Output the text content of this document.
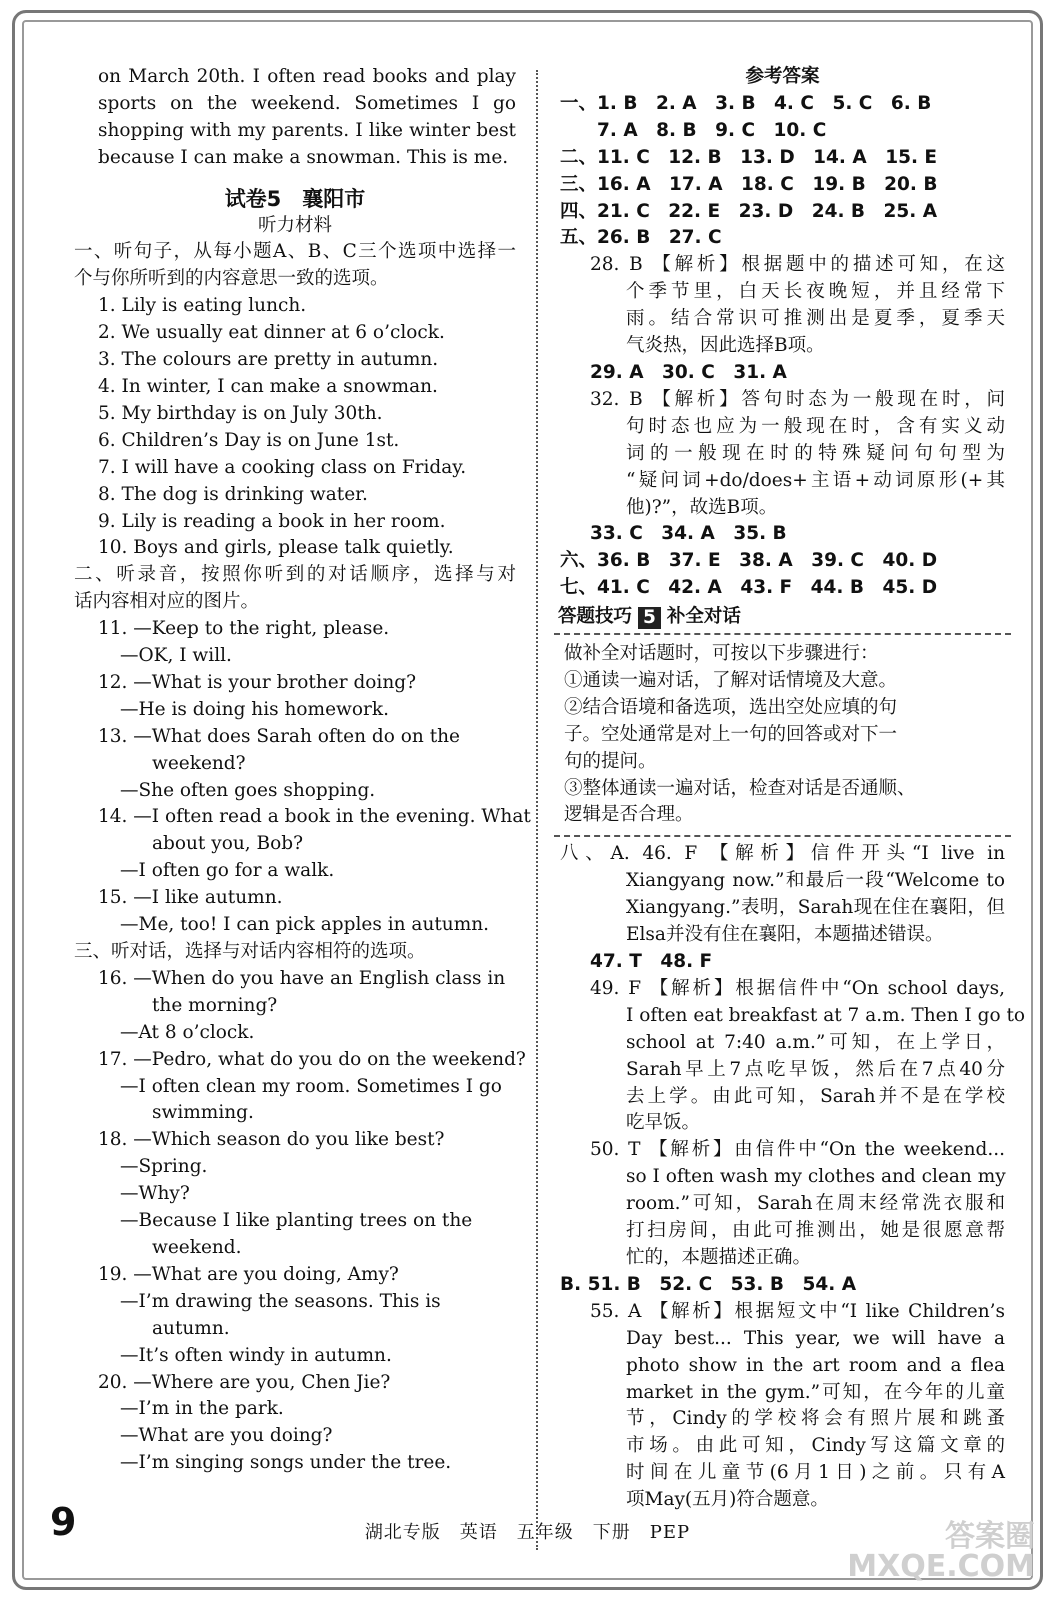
on March 20th. I often read books and play
sports on the weekend. Sometimes I go
shopping with my parents. I like winter best
because I can make a snowman. This is me.
试卷5　襄阳市
听力材料
一、听句子，从每小题A、B、C三个选项中选择一
个与你所听到的内容意思一致的选项。
1. Lily is eating lunch.
2. We usually eat dinner at 6 o’clock.
3. The colours are pretty in autumn.
4. In winter, I can make a snowman.
5. My birthday is on July 30th.
6. Children’s Day is on June 1st.
7. I will have a cooking class on Friday.
8. The dog is drinking water.
9. Lily is reading a book in her room.
10. Boys and girls, please talk quietly.
二、听录音，按照你听到的对话顺序，选择与对
话内容相对应的图片。
11. —Keep to the right, please.
—OK, I will.
12. —What is your brother doing?
—He is doing his homework.
13. —What does Sarah often do on the
weekend?
—She often goes shopping.
14. —I often read a book in the evening. What
about you, Bob?
—I often go for a walk.
15. —I like autumn.
—Me, too! I can pick apples in autumn.
三、听对话，选择与对话内容相符的选项。
16. —When do you have an English class in
the morning?
—At 8 o’clock.
17. —Pedro, what do you do on the weekend?
—I often clean my room. Sometimes I go
swimming.
18. —Which season do you like best?
—Spring.
—Why?
—Because I like planting trees on the
weekend.
19. —What are you doing, Amy?
—I’m drawing the seasons. This is
autumn.
—It’s often windy in autumn.
20. —Where are you, Chen Jie?
—I’m in the park.
—What are you doing?
—I’m singing songs under the tree.
参考答案
一、1. B　2. A　3. B　4. C　5. C　6. B
　　7. A　8. B　9. C　10. C
二、11. C　12. B　13. D　14. A　15. E
三、16. A　17. A　18. C　19. B　20. B
四、21. C　22. E　23. D　24. B　25. A
五、26. B　27. C
28. B 【解析】根据题中的描述可知，在这
个季节里，白天长夜晚短，并且经常下
雨。结合常识可推测出是夏季，夏季天
气炎热，因此选择B项。
29. A　30. C　31. A
32. B 【解析】答句时态为一般现在时，问
句时态也应为一般现在时，含有实义动
词的一般现在时的特殊疑问句句型为
“疑问词+do/does+主语+动词原形(+其
他)?”，故选B项。
33. C　34. A　35. B
六、36. B　37. E　38. A　39. C　40. D
七、41. C　42. A　43. F　44. B　45. D
答题技巧 5 补全对话
做补全对话题时，可按以下步骤进行：
①通读一遍对话，了解对话情境及大意。
②结合语境和备选项，选出空处应填的句
子。空处通常是对上一句的回答或对下一
句的提问。
③整体通读一遍对话，检查对话是否通顺、
逻辑是否合理。
八、A. 46. F 【解析】信件开头“I live in
Xiangyang now.”和最后一段“Welcome to
Xiangyang.”表明，Sarah现在住在襄阳，但
Elsa并没有住在襄阳，本题描述错误。
47. T　48. F
49. F 【解析】根据信件中“On school days,
I often eat breakfast at 7 a.m. Then I go to
school at 7:40 a.m.”可知，在上学日，
Sarah早上7点吃早饭，然后在7点40分
去上学。由此可知，Sarah并不是在学校
吃早饭。
50. T 【解析】由信件中“On the weekend...
so I often wash my clothes and clean my
room.”可知，Sarah在周末经常洗衣服和
打扫房间，由此可推测出，她是很愿意帮
忙的，本题描述正确。
B. 51. B　52. C　53. B　54. A
55. A 【解析】根据短文中“I like Children’s
Day best... This year, we will have a
photo show in the art room and a flea
market in the gym.”可知，在今年的儿童
节，Cindy的学校将会有照片展和跳蚤
市场。由此可知，Cindy写这篇文章的
时间在儿童节(6月1日)之前。只有A
项May(五月)符合题意。
9	湖北专版　英语　五年级　下册　PEP	答案圈
MXQE.COM
